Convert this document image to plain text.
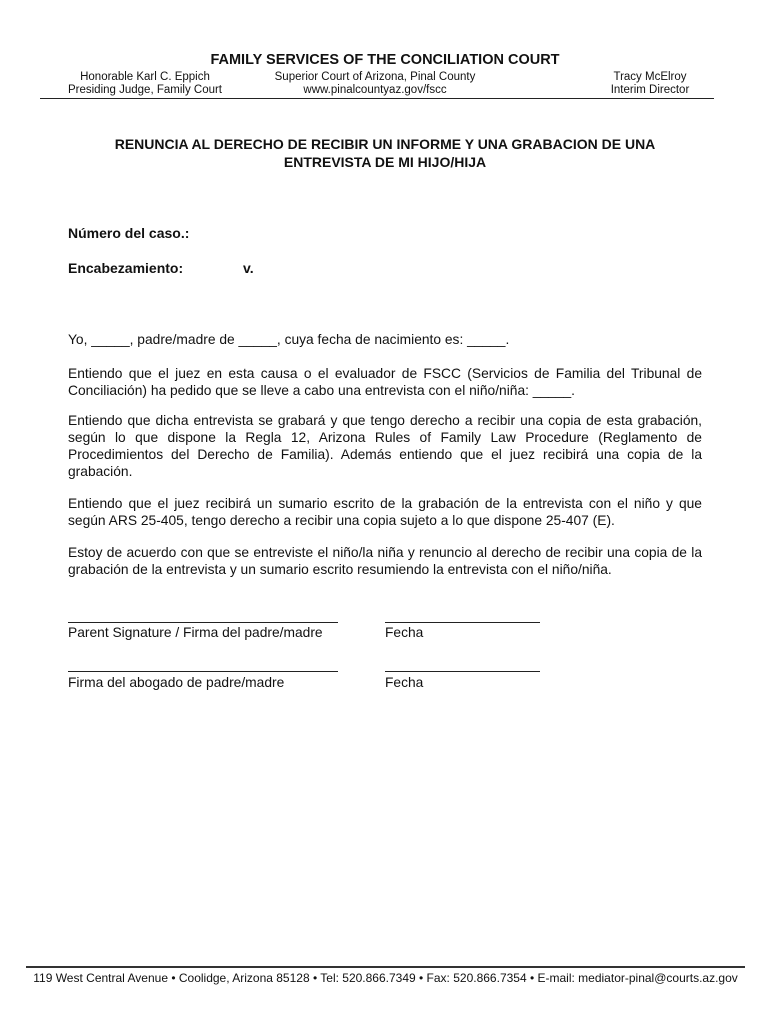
FAMILY SERVICES OF THE CONCILIATION COURT
Honorable Karl C. Eppich
Presiding Judge, Family Court
Superior Court of Arizona, Pinal County
www.pinalcountyaz.gov/fscc
Tracy McElroy
Interim Director
RENUNCIA AL DERECHO DE RECIBIR UN INFORME Y UNA GRABACION DE UNA
ENTREVISTA DE MI HIJO/HIJA
Número del caso.:
Encabezamiento:	v.
Yo, _____, padre/madre de _____, cuya fecha de nacimiento es: _____.
Entiendo que el juez en esta causa o el evaluador de FSCC (Servicios de Familia del Tribunal de Conciliación) ha pedido que se lleve a cabo una entrevista con el niño/niña: _____.
Entiendo que dicha entrevista se grabará y que tengo derecho a recibir una copia de esta grabación, según lo que dispone la Regla 12, Arizona Rules of Family Law Procedure (Reglamento de Procedimientos del Derecho de Familia). Además entiendo que el juez recibirá una copia de la grabación.
Entiendo que el juez recibirá un sumario escrito de la grabación de la entrevista con el niño y que según ARS 25-405, tengo derecho a recibir una copia sujeto a lo que dispone 25-407 (E).
Estoy de acuerdo con que se entreviste el niño/la niña y renuncio al derecho de recibir una copia de la grabación de la entrevista y un sumario escrito resumiendo la entrevista con el niño/niña.
Parent Signature / Firma del padre/madre	Fecha
Firma del abogado de padre/madre	Fecha
119 West Central Avenue • Coolidge, Arizona 85128 • Tel: 520.866.7349 • Fax: 520.866.7354 • E-mail: mediator-pinal@courts.az.gov
